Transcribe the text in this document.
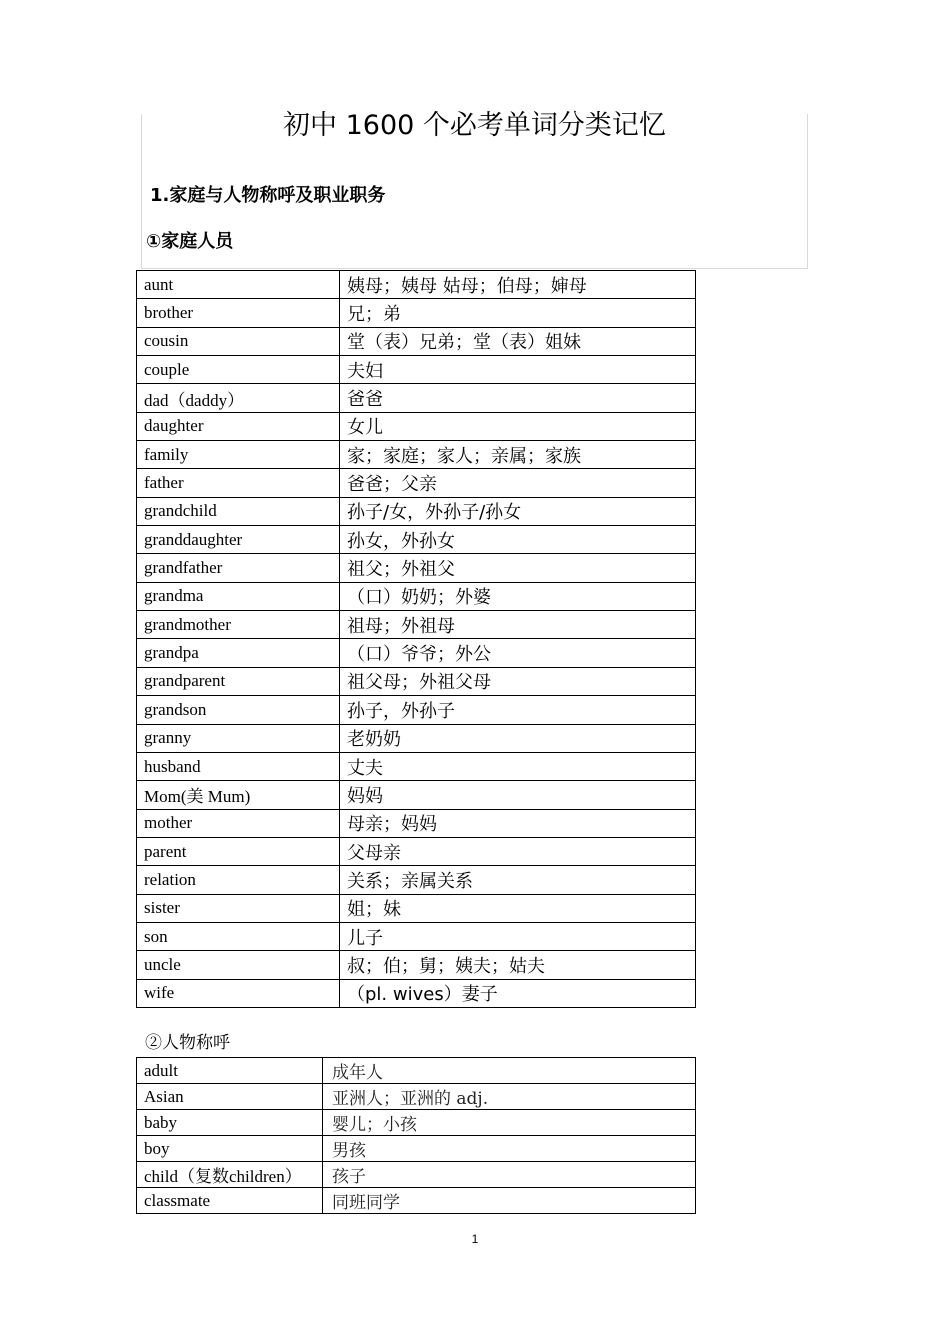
初中 1600 个必考单词分类记忆
1.家庭与人物称呼及职业职务
①家庭人员
aunt	姨母；姨母 姑母；伯母；婶母
brother	兄；弟
cousin	堂（表）兄弟；堂（表）姐妹
couple	夫妇
dad（daddy）	爸爸
daughter	女儿
family	家；家庭；家人；亲属；家族
father	爸爸；父亲
grandchild	孙子/女，外孙子/孙女
granddaughter	孙女，外孙女
grandfather	祖父；外祖父
grandma	（口）奶奶；外婆
grandmother	祖母；外祖母
grandpa	（口）爷爷；外公
grandparent	祖父母；外祖父母
grandson	孙子，外孙子
granny	老奶奶
husband	丈夫
Mom(美 Mum)	妈妈
mother	母亲；妈妈
parent	父母亲
relation	关系；亲属关系
sister	姐；妹
son	儿子
uncle	叔；伯；舅；姨夫；姑夫
wife	（pl. wives）妻子
②人物称呼
adult	成年人
Asian	亚洲人；亚洲的 adj.
baby	婴儿；小孩
boy	男孩
child（复数children）	孩子
classmate	同班同学
1
